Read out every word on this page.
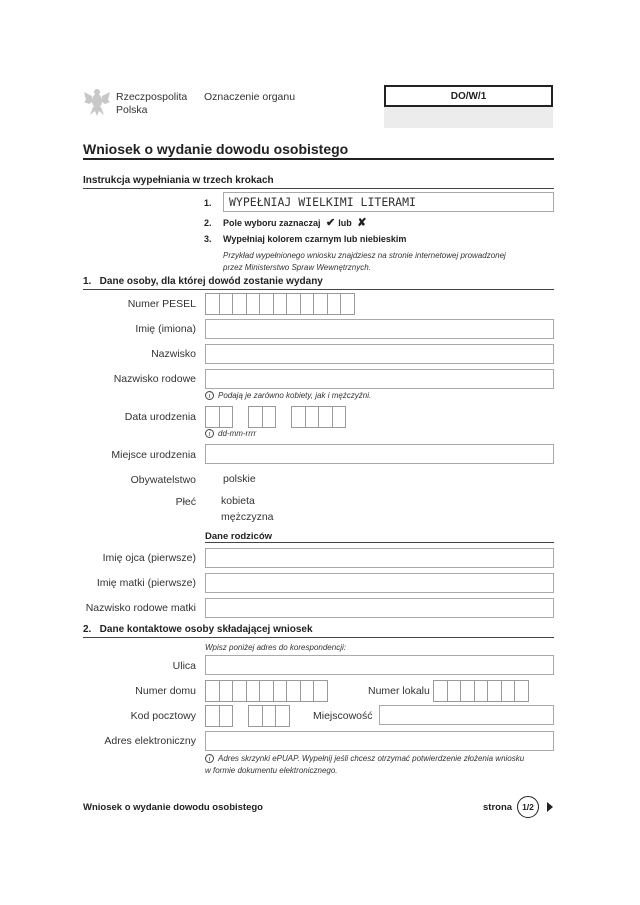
Rzeczpospolita
Polska
Oznaczenie organu	DO/W/1
Wniosek o wydanie dowodu osobistego
Instrukcja wypełniania w trzech krokach
1.	WYPEŁNIAJ WIELKIMI LITERAMI
2. Pole wyboru zaznaczaj ✔ lub ✘
3. Wypełniaj kolorem czarnym lub niebieskim
Przykład wypełnionego wniosku znajdziesz na stronie internetowej prowadzonej
przez Ministerstwo Spraw Wewnętrznych.
1.   Dane osoby, dla której dowód zostanie wydany
Numer PESEL
Imię (imiona)
Nazwisko
Nazwisko rodowe
i Podają je zarówno kobiety, jak i mężczyźni.
Data urodzenia
i dd-mm-rrrr
Miejsce urodzenia
Obywatelstwo	polskie
Płeć kobieta
mężczyzna
Dane rodziców
Imię ojca (pierwsze)
Imię matki (pierwsze)
Nazwisko rodowe matki
2.   Dane kontaktowe osoby składającej wniosek
Wpisz poniżej adres do korespondencji:
Ulica
Numer domu	Numer lokalu
Kod pocztowy	Miejscowość
Adres elektroniczny
i Adres skrzynki ePUAP. Wypełnij jeśli chcesz otrzymać potwierdzenie złożenia wniosku
w formie dokumentu elektronicznego.
Wniosek o wydanie dowodu osobistego	strona 1/2
